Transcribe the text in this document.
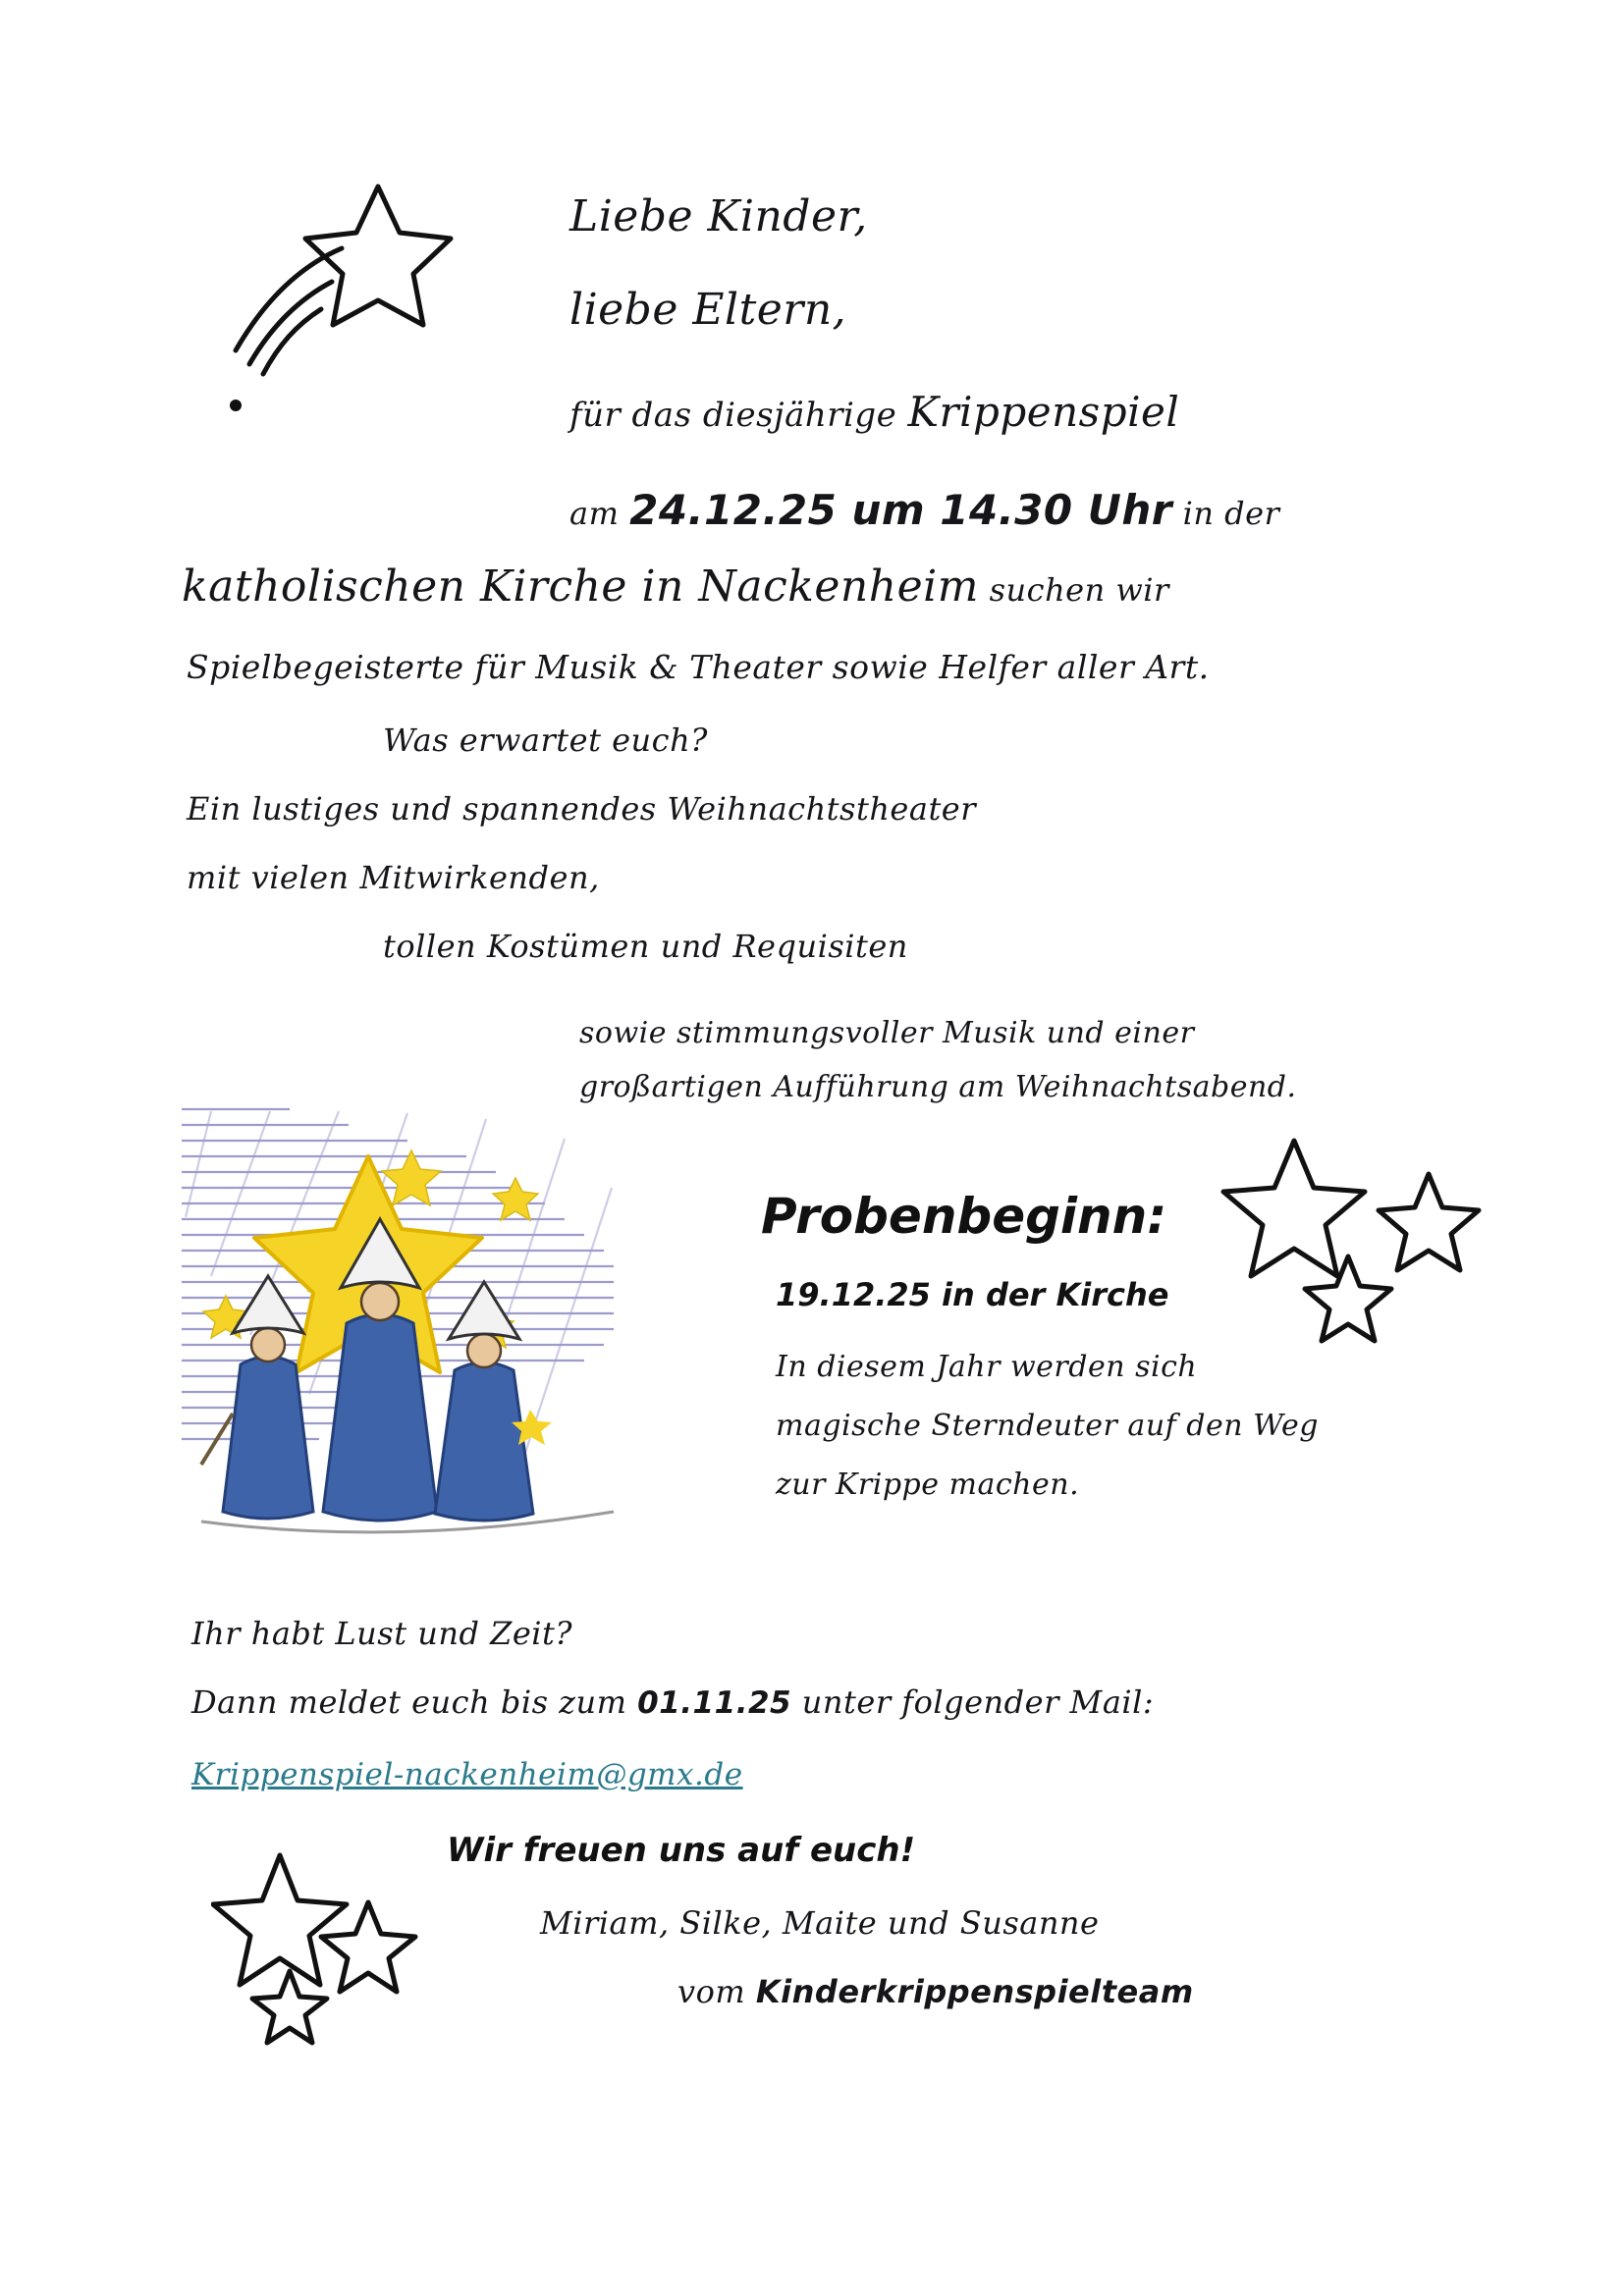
Liebe Kinder,
liebe Eltern,
für das diesjährige Krippenspiel
am 24.12.25 um 14.30 Uhr in der
katholischen Kirche in Nackenheim suchen wir
Spielbegeisterte für Musik & Theater sowie Helfer aller Art.
Was erwartet euch?
Ein lustiges und spannendes Weihnachtstheater
mit vielen Mitwirkenden,
tollen Kostümen und Requisiten
sowie stimmungsvoller Musik und einer
großartigen Aufführung am Weihnachtsabend.
Probenbeginn:
19.12.25 in der Kirche
In diesem Jahr werden sich
magische Sterndeuter auf den Weg
zur Krippe machen.
Ihr habt Lust und Zeit?
Dann meldet euch bis zum 01.11.25 unter folgender Mail:
Krippenspiel-nackenheim@gmx.de
Wir freuen uns auf euch!
Miriam, Silke, Maite und Susanne
vom Kinderkrippenspielteam
